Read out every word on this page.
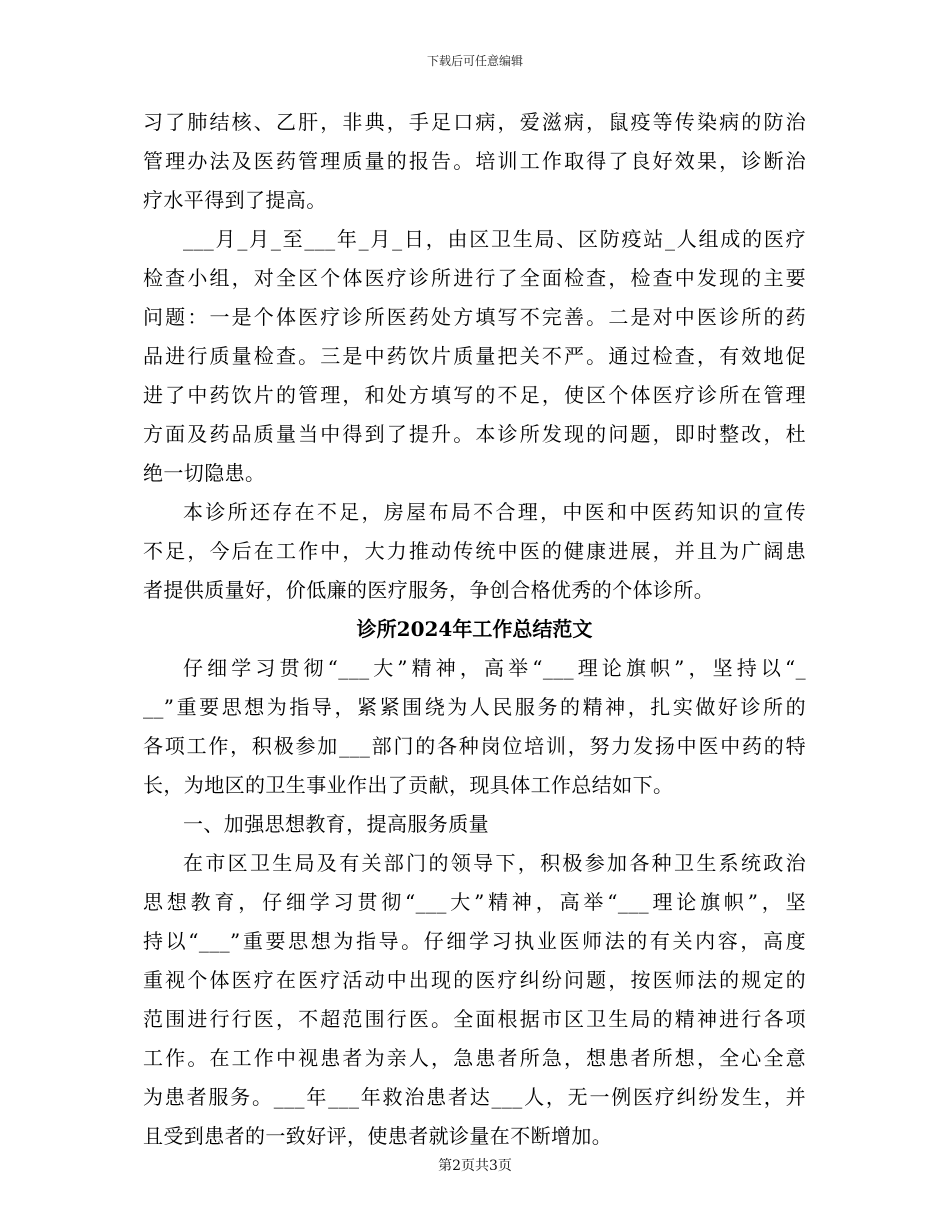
下载后可任意编辑
习了肺结核、乙肝，非典，手足口病，爱滋病，鼠疫等传染病的防治
管理办法及医药管理质量的报告。培训工作取得了良好效果，诊断治
疗水平得到了提高。
___月_月_至___年_月_日，由区卫生局、区防疫站_人组成的医疗
检查小组，对全区个体医疗诊所进行了全面检查，检查中发现的主要
问题：一是个体医疗诊所医药处方填写不完善。二是对中医诊所的药
品进行质量检查。三是中药饮片质量把关不严。通过检查，有效地促
进了中药饮片的管理，和处方填写的不足，使区个体医疗诊所在管理
方面及药品质量当中得到了提升。本诊所发现的问题，即时整改，杜
绝一切隐患。
本诊所还存在不足，房屋布局不合理，中医和中医药知识的宣传
不足，今后在工作中，大力推动传统中医的健康进展，并且为广阔患
者提供质量好，价低廉的医疗服务，争创合格优秀的个体诊所。
诊所2024年工作总结范文
仔细学习贯彻“___大”精神，高举“___理论旗帜”，坚持以“_
__”重要思想为指导，紧紧围绕为人民服务的精神，扎实做好诊所的
各项工作，积极参加___部门的各种岗位培训，努力发扬中医中药的特
长，为地区的卫生事业作出了贡献，现具体工作总结如下。
一、加强思想教育，提高服务质量
在市区卫生局及有关部门的领导下，积极参加各种卫生系统政治
思想教育，仔细学习贯彻“___大”精神，高举“___理论旗帜”，坚
持以“___”重要思想为指导。仔细学习执业医师法的有关内容，高度
重视个体医疗在医疗活动中出现的医疗纠纷问题，按医师法的规定的
范围进行行医，不超范围行医。全面根据市区卫生局的精神进行各项
工作。在工作中视患者为亲人，急患者所急，想患者所想，全心全意
为患者服务。___年___年救治患者达___人，无一例医疗纠纷发生，并
且受到患者的一致好评，使患者就诊量在不断增加。
第2页共3页
